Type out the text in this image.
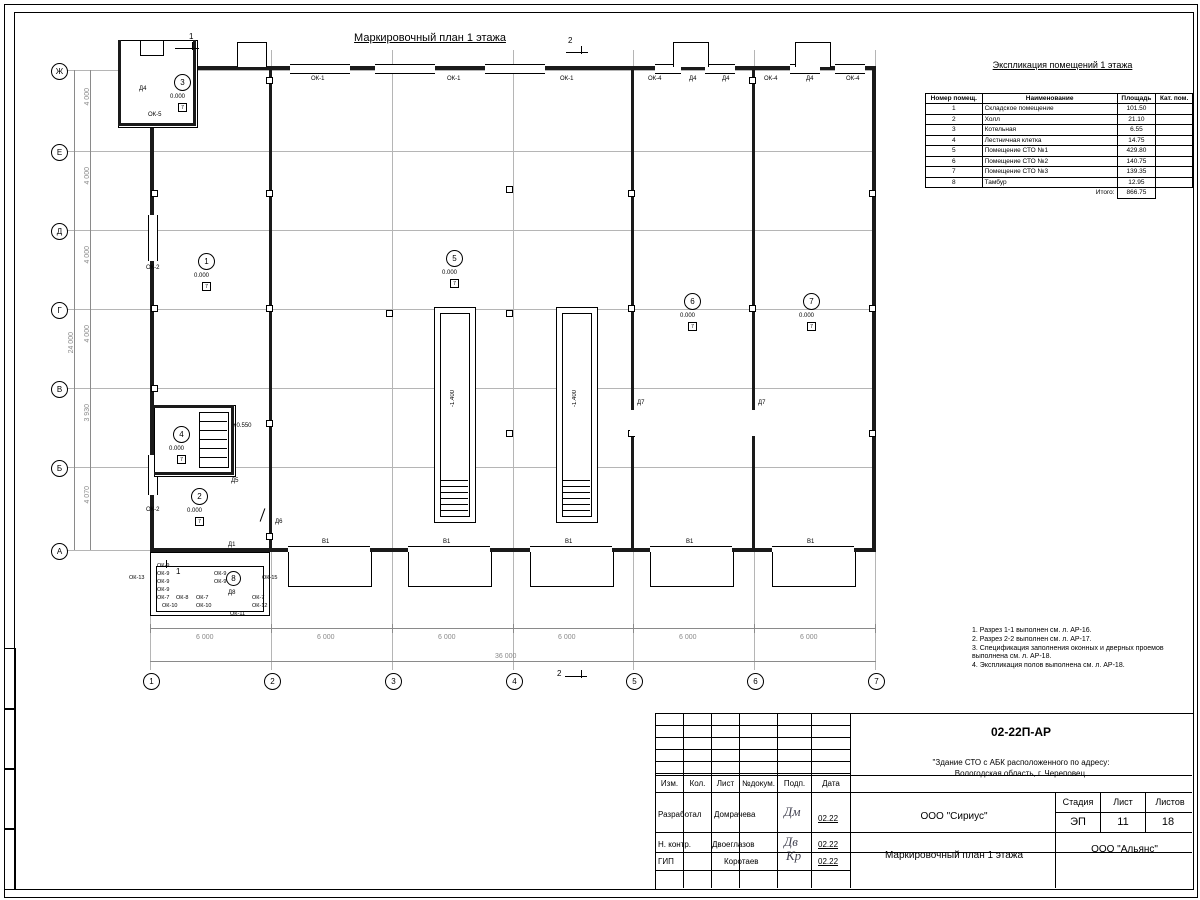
Маркировочный план 1 этажа
Экспликация помещений 1 этажа
Номер помещ.	Наименование	Площадь	Кат. пом.
1	Складское помещение	101.50	
2	Холл	21.10	
3	Котельная	6.55	
4	Лестничная клетка	14.75	
5	Помещение СТО №1	429.80	
6	Помещение СТО №2	140.75	
7	Помещение СТО №3	139.35	
8	Тамбур	12.95	
Итого:		866.75	
1. Разрез 1-1 выполнен см. л. АР-16.
2. Разрез 2-2 выполнен см. л. АР-17.
3. Спецификация заполнения оконных и дверных проемов выполнена см. л. АР-18.
4. Экспликация полов выполнена см. л. АР-18.
Ж
Е
Д
Г
В
Б
А
1	2	3	4	5	6	7
4 000
4 000
4 000
4 000
3 930
4 070
24 000
6 000	6 000	6 000	6 000	6 000	6 000
36 000
ОК-1	ОК-1	ОК-1	ОК-4	ОК-4	ОК-4
Д4	Д4	Д4
Д4
ОК-5
3
0.000
7
1	2
1
0.000
7
ОК-2
+0.550
4
0.000
7
2
0.000
7
ОК-2
Д5
Д6
5
0.000
7
-1.400	-1.400
6
0.000
7
7
0.000
7
Д7	Д7
В1	В1	В1	В1	В1
8
Д1
Д8
1
2
ОК-13
ОК-9
ОК-9
ОК-9
ОК-9
ОК-7 ОК-8 ОК-7
ОК-9
ОК-9
ОК-10	ОК-10
ОК-11
ОК-12
ОК-7
ОК-15
Изм.	Кол.	Лист №докум.	Подп.	Дата
Разработал Домрачева	02.22
Н. контр.	Двоеглазов	02.22
ГИП	Коротаев	02.22
Дм
Дв
Кр
02-22П-АР
"Здание СТО с АБК расположенного по адресу:
Вологодская область, г. Череповец.
ООО "Сириус"
Маркировочный план 1 этажа
ООО "Альянс"
Стадия	Лист	Листов
ЭП	11	18
